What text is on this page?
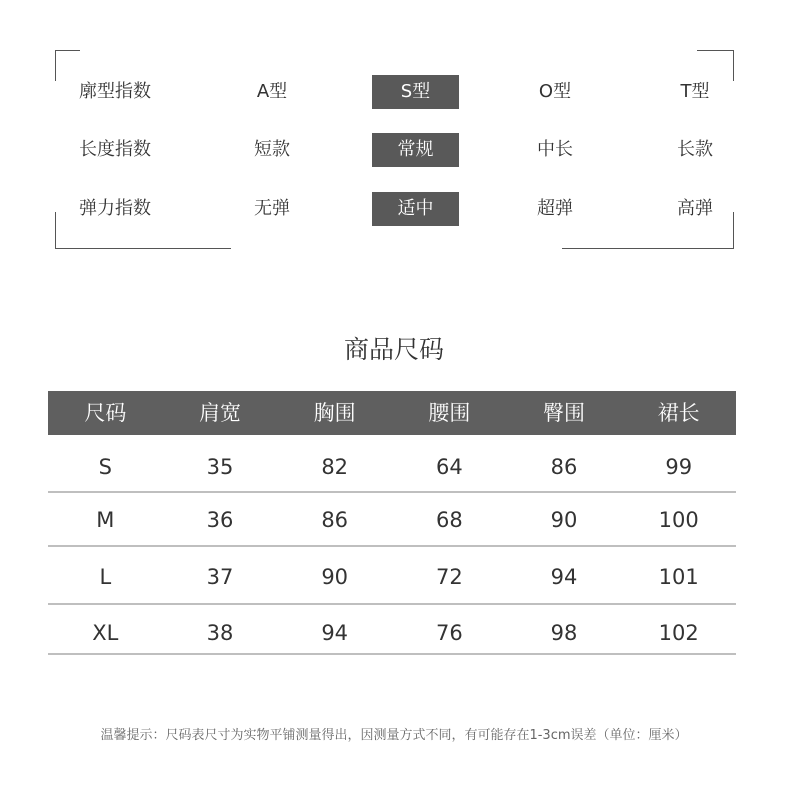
廓型指数	A型	S型	O型	T型
长度指数	短款	常规	中长	长款
弹力指数	无弹	适中	超弹	高弹
商品尺码
尺码	肩宽	胸围	腰围	臀围	裙长
S	35	82	64	86	99
M	36	86	68	90	100
L	37	90	72	94	101
XL	38	94	76	98	102
温馨提示：尺码表尺寸为实物平铺测量得出，因测量方式不同，有可能存在1-3cm误差（单位：厘米）
